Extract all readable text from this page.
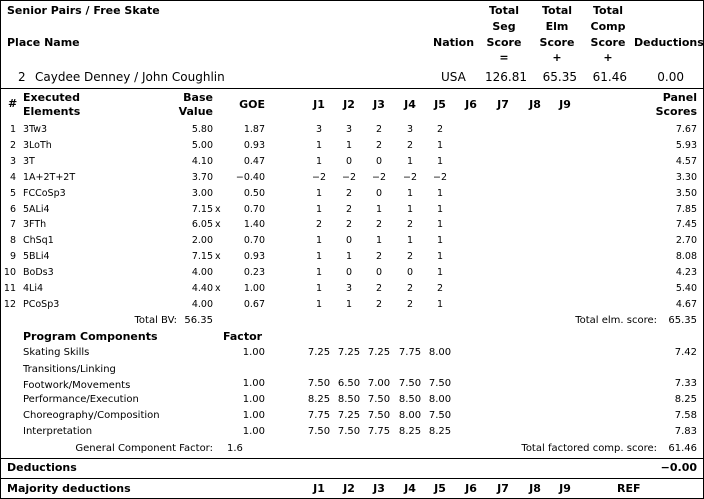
Senior Pairs / Free Skate
Place Name	Nation
Total
Seg
Score
=
Total
Elm
Score
+
Total
Comp
Score
+
Deductions
2 Caydee Denney / John Coughlin	USA	126.81	65.35	61.46	0.00
# Executed
Elements
Base
Value
GOE	J1	J2	J3	J4	J5	J6	J7	J8	J9
Panel
Scores
1 3Tw3	5.80	1.87	3	3	2	3	2	7.67
2 3LoTh	5.00	0.93	1	1	2	2	1	5.93
3 3T	4.10	0.47	1	0	0	1	1	4.57
4 1A+2T+2T	3.70	−0.40	−2	−2	−2	−2	−2	3.30
5 FCCoSp3	3.00	0.50	1	2	0	1	1	3.50
6 5ALi4	7.15 x	0.70	1	2	1	1	1	7.85
7 3FTh	6.05 x	1.40	2	2	2	2	1	7.45
8 ChSq1	2.00	0.70	1	0	1	1	1	2.70
9 5BLi4	7.15 x	0.93	1	1	2	2	1	8.08
10 BoDs3	4.00	0.23	1	0	0	0	1	4.23
11 4Li4	4.40 x	1.00	1	3	2	2	2	5.40
12 PCoSp3	4.00	0.67	1	1	2	2	1	4.67
Total BV: 56.35	Total elm. score:	65.35
Program Components	Factor
Skating Skills	1.00	7.25 7.25 7.25 7.75 8.00	7.42
Transitions/Linking
Footwork/Movements	1.00	7.50 6.50 7.00 7.50 7.50	7.33
Performance/Execution	1.00	8.25 8.50 7.50 8.50 8.00	8.25
Choreography/Composition	1.00	7.75 7.25 7.50 8.00 7.50	7.58
Interpretation	1.00	7.50 7.50 7.75 8.25 8.25	7.83
General Component Factor: 1.6	Total factored comp. score:	61.46
Deductions	−0.00
Majority deductions	J1	J2	J3	J4	J5	J6	J7	J8	J9	REF
